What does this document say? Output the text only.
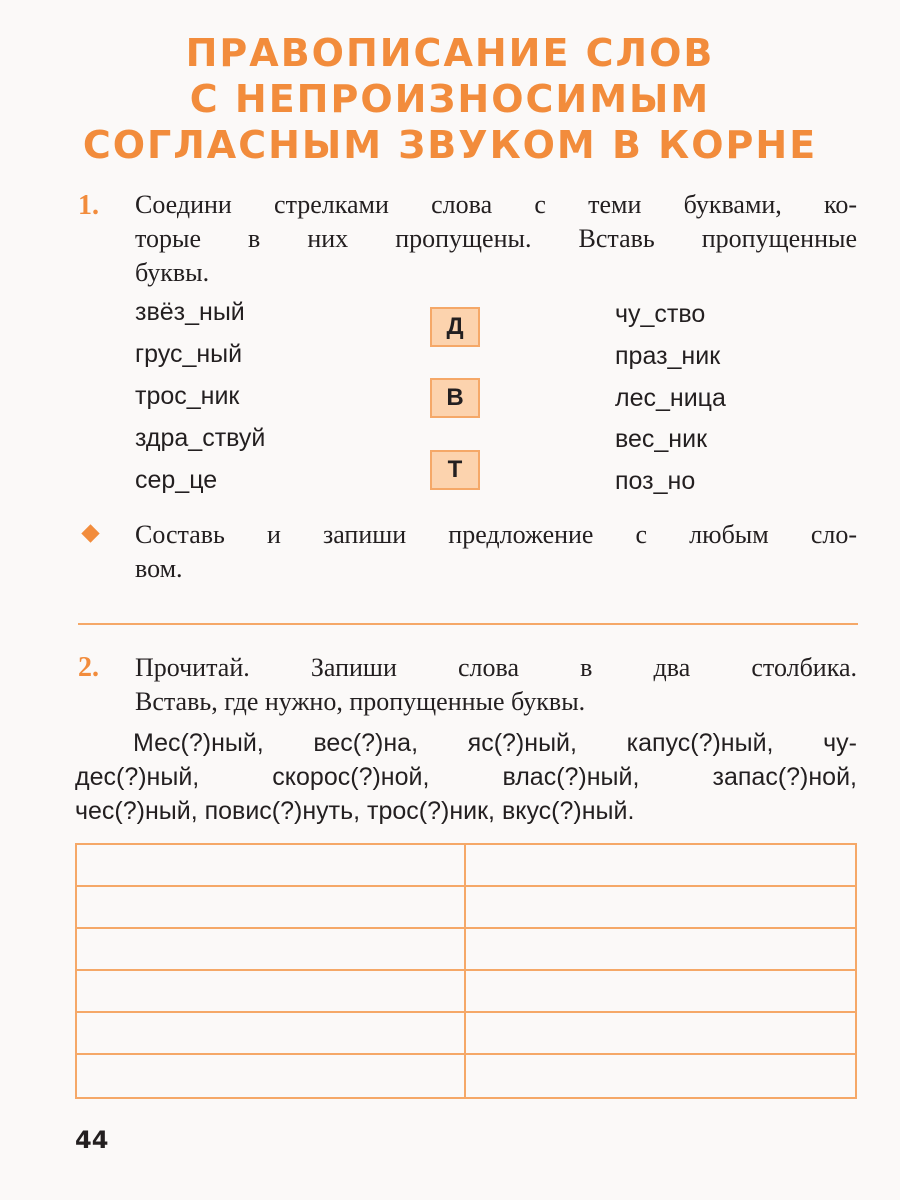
ПРАВОПИСАНИЕ СЛОВ
С НЕПРОИЗНОСИМЫМ
СОГЛАСНЫМ ЗВУКОМ В КОРНЕ
1. Соедини стрелками слова с теми буквами, ко-
торые в них пропущены. Вставь пропущенные
буквы.
звёз_ный
грус_ный
трос_ник
здра_ствуй
сер_це
Д
В
Т
чу_ство
праз_ник
лес_ница
вес_ник
поз_но
Составь и запиши предложение с любым сло-
вом.
2. Прочитай. Запиши слова в два столбика.
Вставь, где нужно, пропущенные буквы.
Мес(?)ный, вес(?)на, яс(?)ный, капус(?)ный, чу-
дес(?)ный, скорос(?)ной, влас(?)ный, запас(?)ной,
чес(?)ный, повис(?)нуть, трос(?)ник, вкус(?)ный.
44
